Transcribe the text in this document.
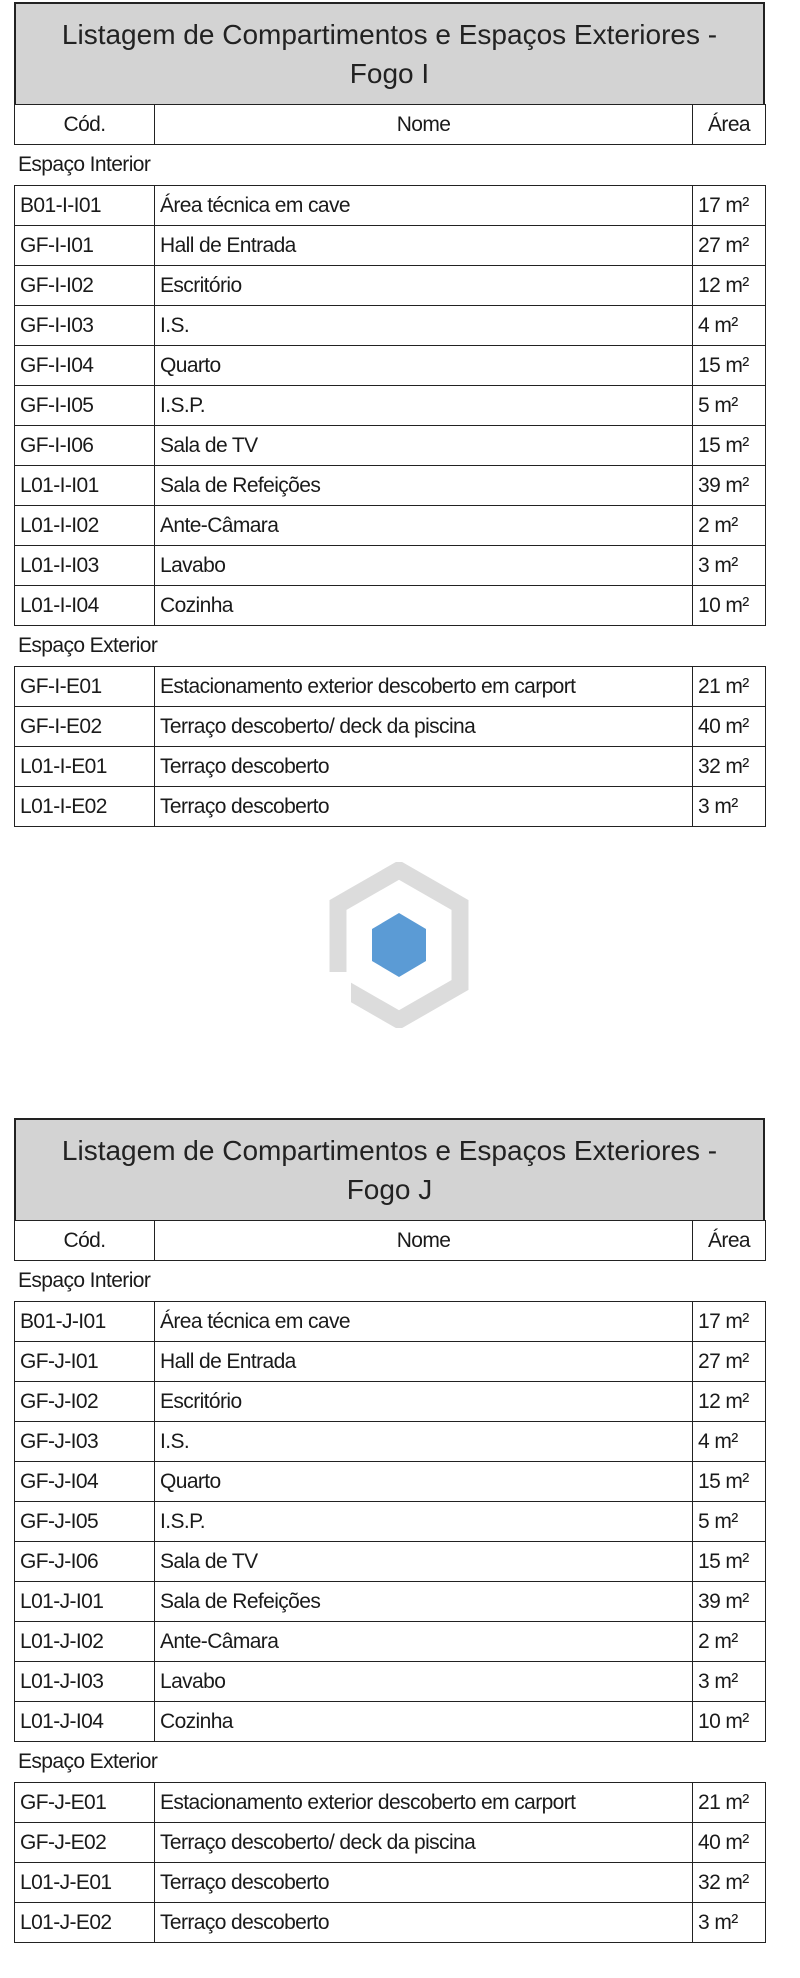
Listagem de Compartimentos e Espaços Exteriores -
Fogo I
Cód.	Nome	Área
Espaço Interior
B01-I-I01	Área técnica em cave	17 m²
GF-I-I01	Hall de Entrada	27 m²
GF-I-I02	Escritório	12 m²
GF-I-I03	I.S.	4 m²
GF-I-I04	Quarto	15 m²
GF-I-I05	I.S.P.	5 m²
GF-I-I06	Sala de TV	15 m²
L01-I-I01	Sala de Refeições	39 m²
L01-I-I02	Ante-Câmara	2 m²
L01-I-I03	Lavabo	3 m²
L01-I-I04	Cozinha	10 m²
Espaço Exterior
GF-I-E01	Estacionamento exterior descoberto em carport	21 m²
GF-I-E02	Terraço descoberto/ deck da piscina	40 m²
L01-I-E01	Terraço descoberto	32 m²
L01-I-E02	Terraço descoberto	3 m²
Listagem de Compartimentos e Espaços Exteriores -
Fogo J
Cód.	Nome	Área
Espaço Interior
B01-J-I01	Área técnica em cave	17 m²
GF-J-I01	Hall de Entrada	27 m²
GF-J-I02	Escritório	12 m²
GF-J-I03	I.S.	4 m²
GF-J-I04	Quarto	15 m²
GF-J-I05	I.S.P.	5 m²
GF-J-I06	Sala de TV	15 m²
L01-J-I01	Sala de Refeições	39 m²
L01-J-I02	Ante-Câmara	2 m²
L01-J-I03	Lavabo	3 m²
L01-J-I04	Cozinha	10 m²
Espaço Exterior
GF-J-E01	Estacionamento exterior descoberto em carport	21 m²
GF-J-E02	Terraço descoberto/ deck da piscina	40 m²
L01-J-E01	Terraço descoberto	32 m²
L01-J-E02	Terraço descoberto	3 m²
